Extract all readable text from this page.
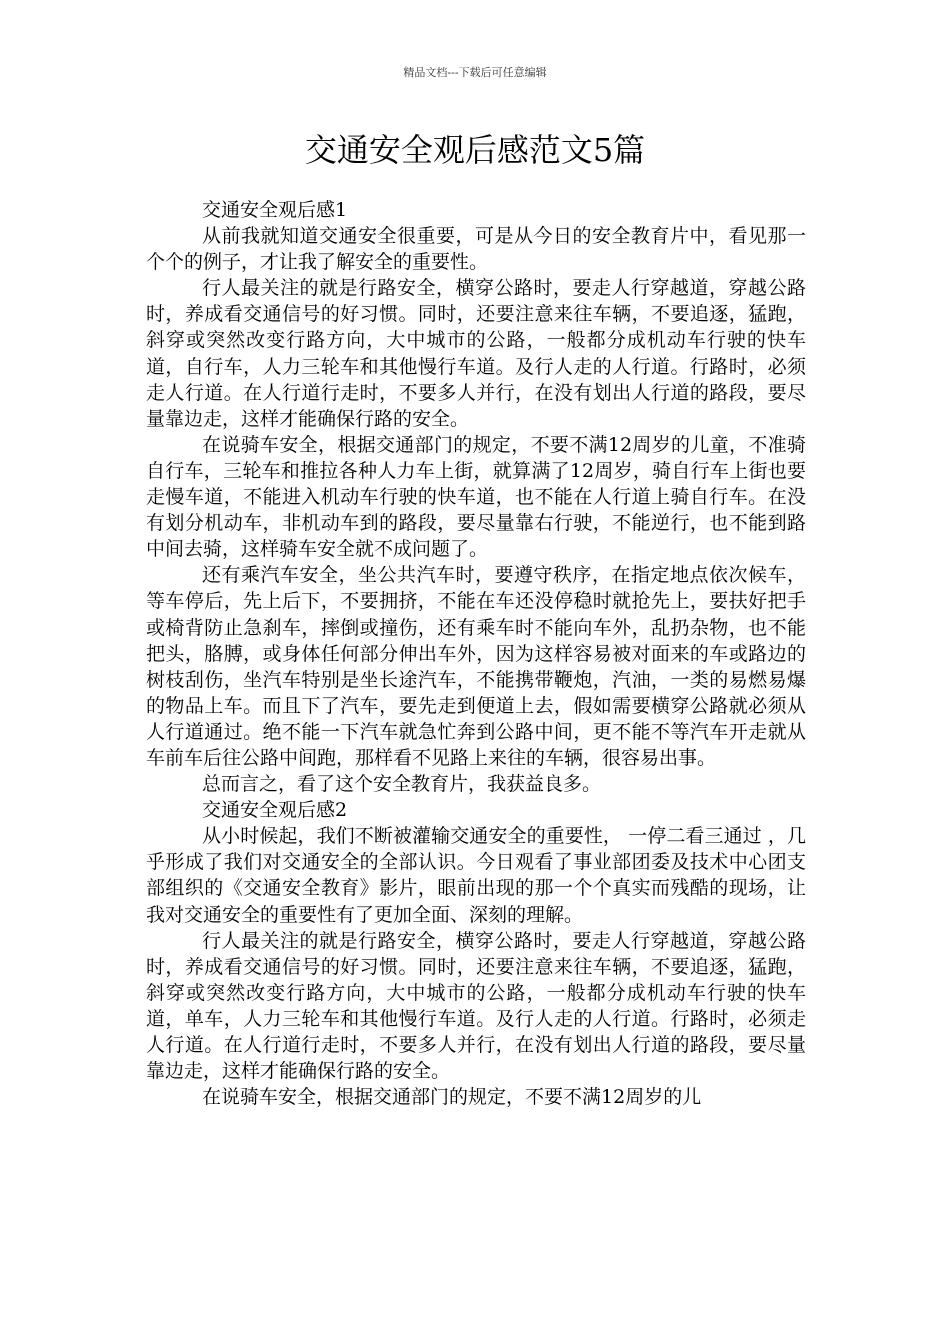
精品文档---下载后可任意编辑
交通安全观后感范文5篇

交通安全观后感1

从前我就知道交通安全很重要，可是从今日的安全教育片中，看见那一个个的例子，才让我了解安全的重要性。

行人最关注的就是行路安全，横穿公路时，要走人行穿越道，穿越公路时，养成看交通信号的好习惯。同时，还要注意来往车辆，不要追逐，猛跑，斜穿或突然改变行路方向，大中城市的公路，一般都分成机动车行驶的快车道，自行车，人力三轮车和其他慢行车道。及行人走的人行道。行路时，必须走人行道。在人行道行走时，不要多人并行，在没有划出人行道的路段，要尽量靠边走，这样才能确保行路的安全。

在说骑车安全，根据交通部门的规定，不要不满12周岁的儿童，不准骑自行车，三轮车和推拉各种人力车上街，就算满了12周岁，骑自行车上街也要走慢车道，不能进入机动车行驶的快车道，也不能在人行道上骑自行车。在没有划分机动车，非机动车到的路段，要尽量靠右行驶，不能逆行，也不能到路中间去骑，这样骑车安全就不成问题了。

还有乘汽车安全，坐公共汽车时，要遵守秩序，在指定地点依次候车，等车停后，先上后下，不要拥挤，不能在车还没停稳时就抢先上，要扶好把手或椅背防止急刹车，摔倒或撞伤，还有乘车时不能向车外，乱扔杂物，也不能把头，胳膊，或身体任何部分伸出车外，因为这样容易被对面来的车或路边的树枝刮伤，坐汽车特别是坐长途汽车，不能携带鞭炮，汽油，一类的易燃易爆的物品上车。而且下了汽车，要先走到便道上去，假如需要横穿公路就必须从人行道通过。绝不能一下汽车就急忙奔到公路中间，更不能不等汽车开走就从车前车后往公路中间跑，那样看不见路上来往的车辆，很容易出事。

总而言之，看了这个安全教育片，我获益良多。

交通安全观后感2

从小时候起，我们不断被灌输交通安全的重要性， 一停二看三通过 ，几乎形成了我们对交通安全的全部认识。今日观看了事业部团委及技术中心团支部组织的《交通安全教育》影片，眼前出现的那一个个真实而残酷的现场，让我对交通安全的重要性有了更加全面、深刻的理解。

行人最关注的就是行路安全，横穿公路时，要走人行穿越道，穿越公路时，养成看交通信号的好习惯。同时，还要注意来往车辆，不要追逐，猛跑，斜穿或突然改变行路方向，大中城市的公路，一般都分成机动车行驶的快车道，单车，人力三轮车和其他慢行车道。及行人走的人行道。行路时，必须走人行道。在人行道行走时，不要多人并行，在没有划出人行道的路段，要尽量靠边走，这样才能确保行路的安全。

在说骑车安全，根据交通部门的规定，不要不满12周岁的儿
